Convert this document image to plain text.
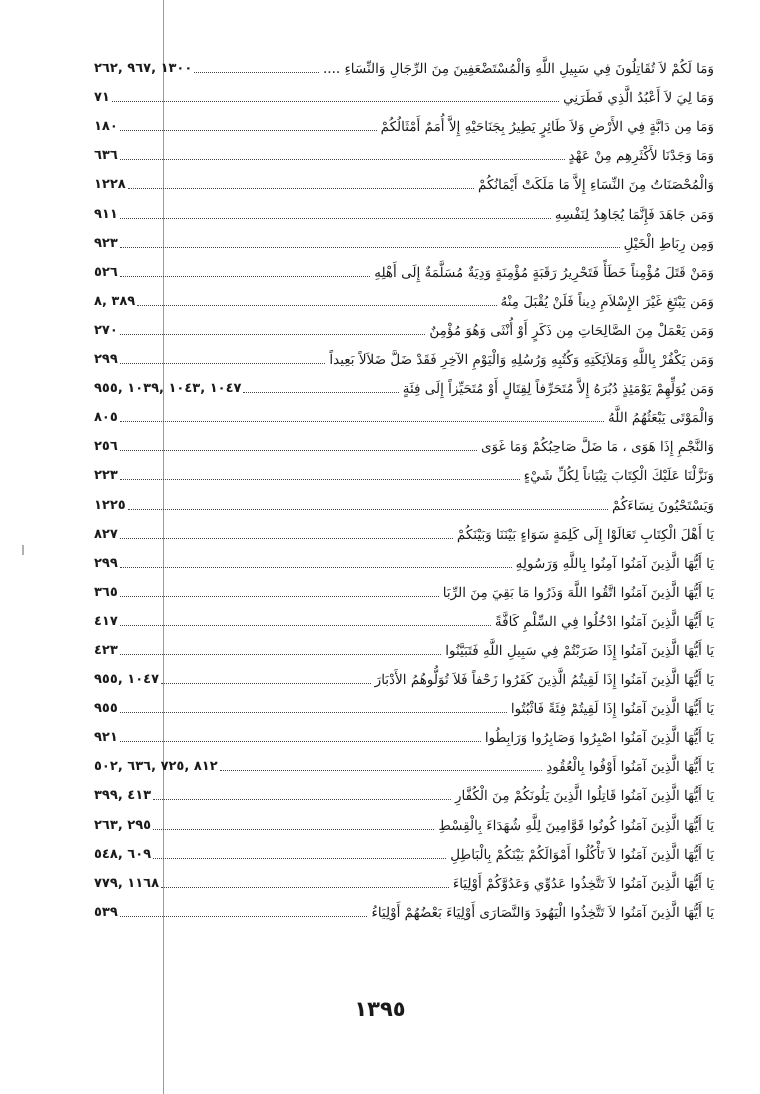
وَمَا لَكُمْ لاَ تُقَاتِلُونَ فِي سَبِيلِ اللَّهِ وَالْمُسْتَضْعَفِينَ مِنَ الرِّجَالِ وَالنِّسَاءِ ....
١٣٠٠ ,٩٦٧ ,٢٦٢
وَمَا لِيَ لاَ أَعْبُدُ الَّذِي فَطَرَنِي
٧١
وَمَا مِن دَابَّةٍ فِي الأَرْضِ وَلاَ طَائِرٍ يَطِيرُ بِجَنَاحَيْهِ إِلاَّ أُمَمٌ أَمْثَالُكُمْ
١٨٠
وَمَا وَجَدْنَا لأَكْثَرِهِم مِنْ عَهْدٍ
٦٣٦
وَالْمُحْصَنَاتُ مِنَ النِّسَاءِ إِلاَّ مَا مَلَكَتْ أَيْمَانُكُمْ
١٢٢٨
وَمَن جَاهَدَ فَإِنَّمَا يُجَاهِدُ لِنَفْسِهِ
٩١١
وَمِن رِبَاطِ الْخَيْلِ
٩٢٣
وَمَنْ قَتَلَ مُؤْمِناً خَطَأً فَتَحْرِيرُ رَقَبَةٍ مُؤْمِنَةٍ وَدِيَةٌ مُسَلَّمَةٌ إِلَى أَهْلِهِ
٥٢٦
وَمَن يَبْتَغِ غَيْرَ الإِسْلاَمِ دِيناً فَلَنْ يُقْبَلَ مِنْهُ
٣٨٩ ,٨
وَمَن يَعْمَلْ مِنَ الصَّالِحَاتِ مِن ذَكَرٍ أَوْ أُنْثَى وَهُوَ مُؤْمِنٌ
٢٧٠
وَمَن يَكْفُرْ بِاللَّهِ وَمَلاَئِكَتِهِ وَكُتُبِهِ وَرُسُلِهِ وَالْيَوْمِ الآخِرِ فَقَدْ ضَلَّ ضَلاَلاً بَعِيداً
٢٩٩
وَمَن يُوَلِّهِمْ يَوْمَئِذٍ دُبُرَهُ إِلاَّ مُتَحَرِّفاً لِقِتَالٍ أَوْ مُتَحَيِّزاً إِلَى فِئَةٍ
١٠٤٧ ,١٠٤٣ ,١٠٣٩ ,٩٥٥
وَالْمَوْتَى يَبْعَثُهُمُ اللَّهُ
٨٠٥
وَالنَّجْمِ إِذَا هَوَى ، مَا ضَلَّ صَاحِبُكُمْ وَمَا غَوَى
٢٥٦
وَنَزَّلْنَا عَلَيْكَ الْكِتَابَ تِبْيَاناً لِكُلِّ شَيْءٍ
٢٢٣
وَيَسْتَحْيُونَ نِسَاءَكُمْ
١٢٢٥
يَا أَهْلَ الْكِتَابِ تَعَالَوْا إِلَى كَلِمَةٍ سَوَاءٍ بَيْنَنَا وَبَيْنَكُمْ
٨٢٧
يَا أَيُّهَا الَّذِينَ آمَنُوا آمِنُوا بِاللَّهِ وَرَسُولِهِ
٢٩٩
يَا أَيُّهَا الَّذِينَ آمَنُوا اتَّقُوا اللَّهَ وَذَرُوا مَا بَقِيَ مِنَ الرِّبَا
٣٦٥
يَا أَيُّهَا الَّذِينَ آمَنُوا ادْخُلُوا فِي السِّلْمِ كَافَّةً
٤١٧
يَا أَيُّهَا الَّذِينَ آمَنُوا إِذَا ضَرَبْتُمْ فِي سَبِيلِ اللَّهِ فَتَبَيَّنُوا
٤٢٣
يَا أَيُّهَا الَّذِينَ آمَنُوا إِذَا لَقِيتُمُ الَّذِينَ كَفَرُوا زَحْفاً فَلاَ تُوَلُّوهُمُ الأَدْبَارَ
١٠٤٧ ,٩٥٥
يَا أَيُّهَا الَّذِينَ آمَنُوا إِذَا لَقِيتُمْ فِئَةً فَاثْبُتُوا
٩٥٥
يَا أَيُّهَا الَّذِينَ آمَنُوا اصْبِرُوا وَصَابِرُوا وَرَابِطُوا
٩٢١
يَا أَيُّهَا الَّذِينَ آمَنُوا أَوْفُوا بِالْعُقُودِ
٨١٢ ,٧٢٥ ,٦٣٦ ,٥٠٢
يَا أَيُّهَا الَّذِينَ آمَنُوا قَاتِلُوا الَّذِينَ يَلُونَكُمْ مِنَ الْكُفَّارِ
٤١٣ ,٣٩٩
يَا أَيُّهَا الَّذِينَ آمَنُوا كُونُوا قَوَّامِينَ لِلَّهِ شُهَدَاءَ بِالْقِسْطِ
٢٩٥ ,٢٦٣
يَا أَيُّهَا الَّذِينَ آمَنُوا لاَ تَأْكُلُوا أَمْوَالَكُمْ بَيْنَكُمْ بِالْبَاطِلِ
٦٠٩ ,٥٤٨
يَا أَيُّهَا الَّذِينَ آمَنُوا لاَ تَتَّخِذُوا عَدُوِّي وَعَدُوَّكُمْ أَوْلِيَاءَ
١١٦٨ ,٧٧٩
يَا أَيُّهَا الَّذِينَ آمَنُوا لاَ تَتَّخِذُوا الْيَهُودَ وَالنَّصَارَى أَوْلِيَاءَ بَعْضُهُمْ أَوْلِيَاءُ
٥٣٩
١٣٩٥
